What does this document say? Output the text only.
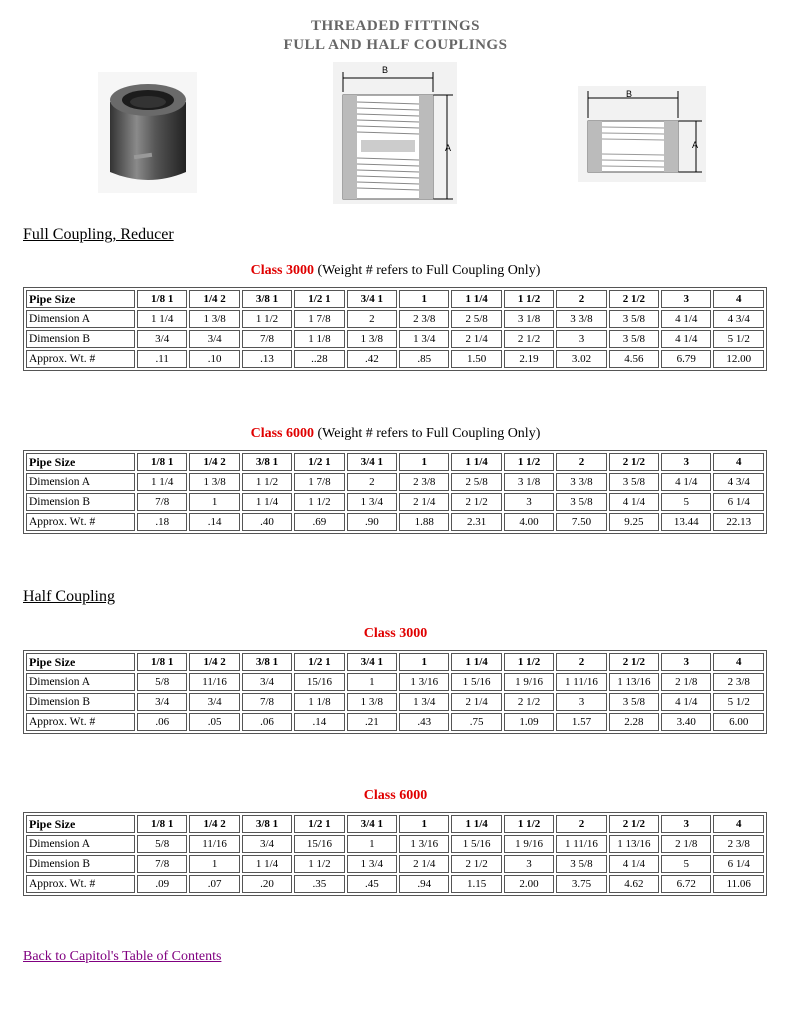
THREADED FITTINGS
FULL AND HALF COUPLINGS
B
A
B
A
Full Coupling, Reducer
Class 3000 (Weight # refers to Full Coupling Only)
Pipe Size	1/8 1	1/4 2	3/8 1	1/2 1	3/4 1	1	1 1/4	1 1/2	2	2 1/2	3	4
Dimension A	1 1/4	1 3/8	1 1/2	1 7/8	2	2 3/8	2 5/8	3 1/8	3 3/8	3 5/8	4 1/4	4 3/4
Dimension B	3/4	3/4	7/8	1 1/8	1 3/8	1 3/4	2 1/4	2 1/2	3	3 5/8	4 1/4	5 1/2
Approx. Wt. #	.11	.10	.13	..28	.42	.85	1.50	2.19	3.02	4.56	6.79	12.00
Class 6000 (Weight # refers to Full Coupling Only)
Pipe Size	1/8 1	1/4 2	3/8 1	1/2 1	3/4 1	1	1 1/4	1 1/2	2	2 1/2	3	4
Dimension A	1 1/4	1 3/8	1 1/2	1 7/8	2	2 3/8	2 5/8	3 1/8	3 3/8	3 5/8	4 1/4	4 3/4
Dimension B	7/8	1	1 1/4	1 1/2	1 3/4	2 1/4	2 1/2	3	3 5/8	4 1/4	5	6 1/4
Approx. Wt. #	.18	.14	.40	.69	.90	1.88	2.31	4.00	7.50	9.25	13.44	22.13
Half Coupling
Class 3000
Pipe Size	1/8 1	1/4 2	3/8 1	1/2 1	3/4 1	1	1 1/4	1 1/2	2	2 1/2	3	4
Dimension A	5/8	11/16	3/4	15/16	1	1 3/16	1 5/16	1 9/16	1 11/16	1 13/16	2 1/8	2 3/8
Dimension B	3/4	3/4	7/8	1 1/8	1 3/8	1 3/4	2 1/4	2 1/2	3	3 5/8	4 1/4	5 1/2
Approx. Wt. #	.06	.05	.06	.14	.21	.43	.75	1.09	1.57	2.28	3.40	6.00
Class 6000
Pipe Size	1/8 1	1/4 2	3/8 1	1/2 1	3/4 1	1	1 1/4	1 1/2	2	2 1/2	3	4
Dimension A	5/8	11/16	3/4	15/16	1	1 3/16	1 5/16	1 9/16	1 11/16	1 13/16	2 1/8	2 3/8
Dimension B	7/8	1	1 1/4	1 1/2	1 3/4	2 1/4	2 1/2	3	3 5/8	4 1/4	5	6 1/4
Approx. Wt. #	.09	.07	.20	.35	.45	.94	1.15	2.00	3.75	4.62	6.72	11.06
Back to Capitol's Table of Contents
